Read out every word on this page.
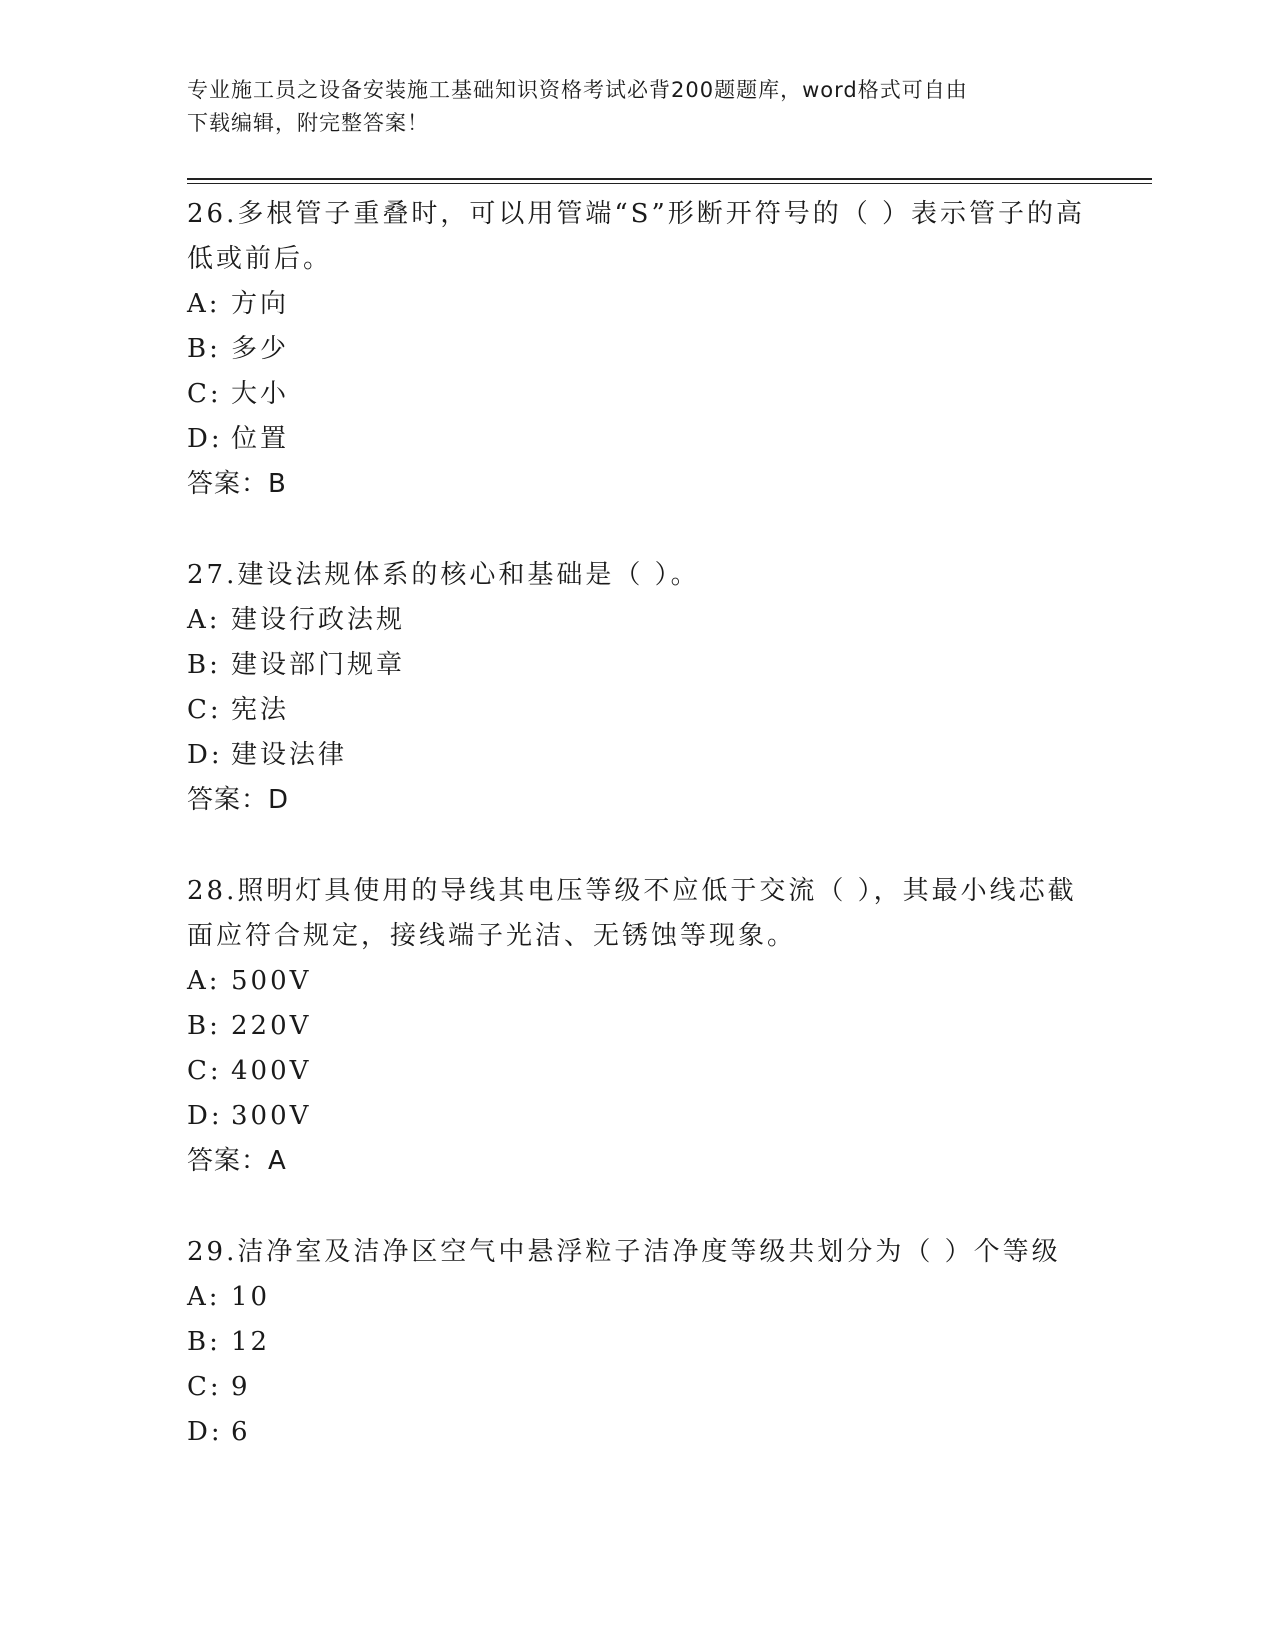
专业施工员之设备安装施工基础知识资格考试必背200题题库，word格式可自由
下载编辑，附完整答案！
26.多根管子重叠时，可以用管端“S”形断开符号的（ ）表示管子的高低或前后。
A: 方向
B: 多少
C: 大小
D: 位置
答案：B
27.建设法规体系的核心和基础是（ ）。
A: 建设行政法规
B: 建设部门规章
C: 宪法
D: 建设法律
答案：D
28.照明灯具使用的导线其电压等级不应低于交流（ ），其最小线芯截面应符合规定，接线端子光洁、无锈蚀等现象。
A: 500V
B: 220V
C: 400V
D: 300V
答案：A
29.洁净室及洁净区空气中悬浮粒子洁净度等级共划分为（ ）个等级
A: 10
B: 12
C: 9
D: 6
